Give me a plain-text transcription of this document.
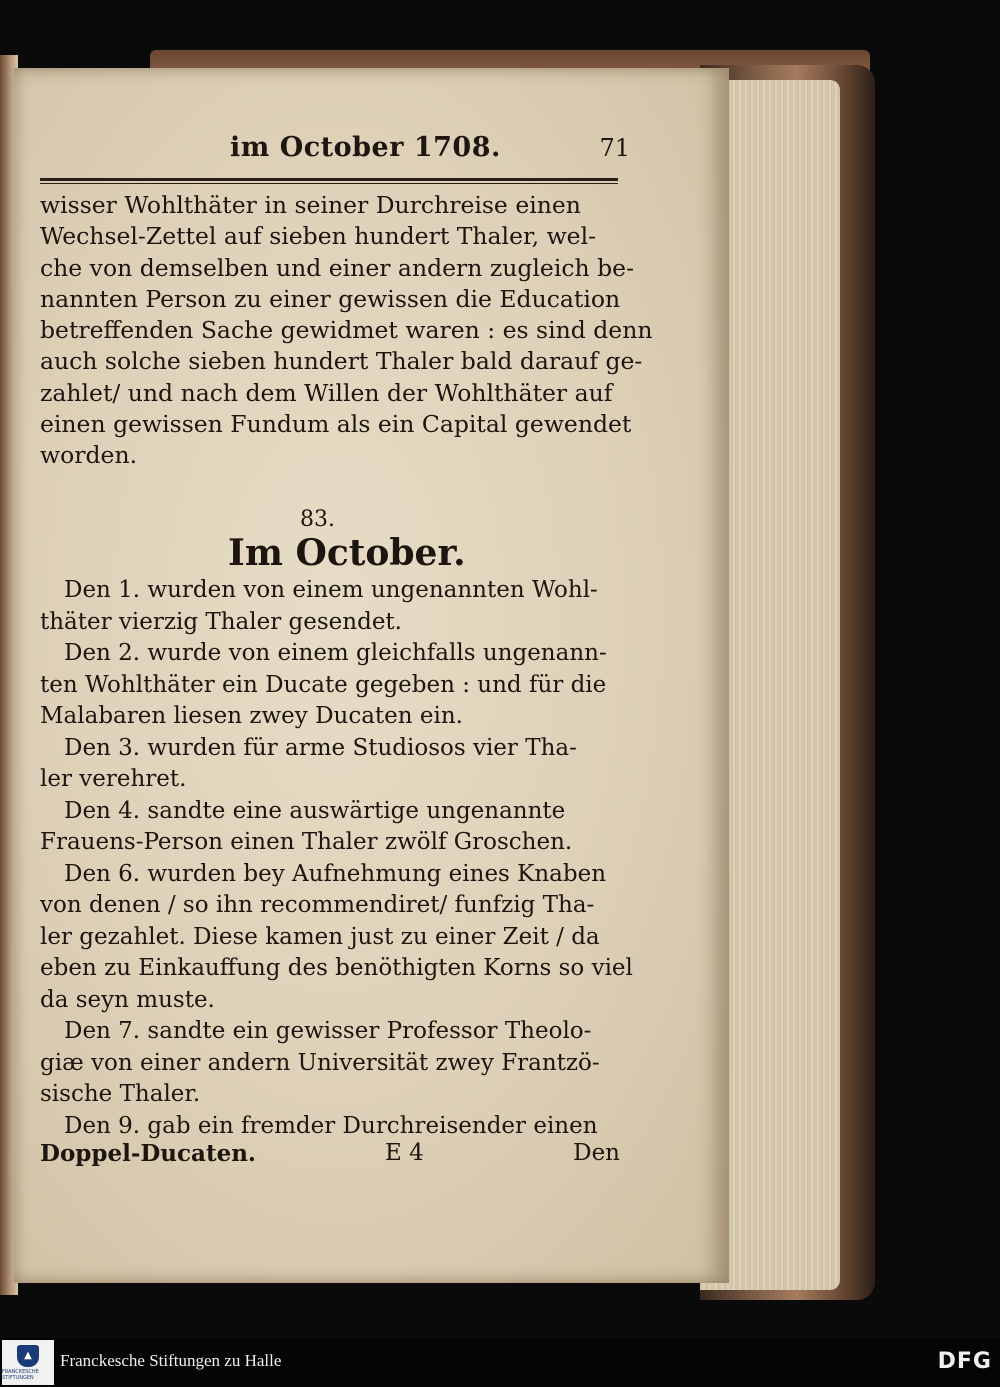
im October 1708.	71
wisser Wohlthäter in seiner Durchreise einen
Wechsel-Zettel auf sieben hundert Thaler, wel-
che von demselben und einer andern zugleich be-
nannten Person zu einer gewissen die Education
betreffenden Sache gewidmet waren : es sind denn
auch solche sieben hundert Thaler bald darauf ge-
zahlet/ und nach dem Willen der Wohlthäter auf
einen gewissen Fundum als ein Capital gewendet
worden.
83.
Im October.
Den 1. wurden von einem ungenannten Wohl-
thäter vierzig Thaler gesendet.
Den 2. wurde von einem gleichfalls ungenann-
ten Wohlthäter ein Ducate gegeben : und für die
Malabaren liesen zwey Ducaten ein.
Den 3. wurden für arme Studiosos vier Tha-
ler verehret.
Den 4. sandte eine auswärtige ungenannte
Frauens-Person einen Thaler zwölf Groschen.
Den 6. wurden bey Aufnehmung eines Knaben
von denen / so ihn recommendiret/ funfzig Tha-
ler gezahlet. Diese kamen just zu einer Zeit / da
eben zu Einkauffung des benöthigten Korns so viel
da seyn muste.
Den 7. sandte ein gewisser Professor Theolo-
giæ von einer andern Universität zwey Frantzö-
sische Thaler.
Den 9. gab ein fremder Durchreisender einen
Doppel-Ducaten.	E 4	Den
▲
FRANCKESCHE STIFTUNGEN
Franckesche Stiftungen zu Halle	DFG
